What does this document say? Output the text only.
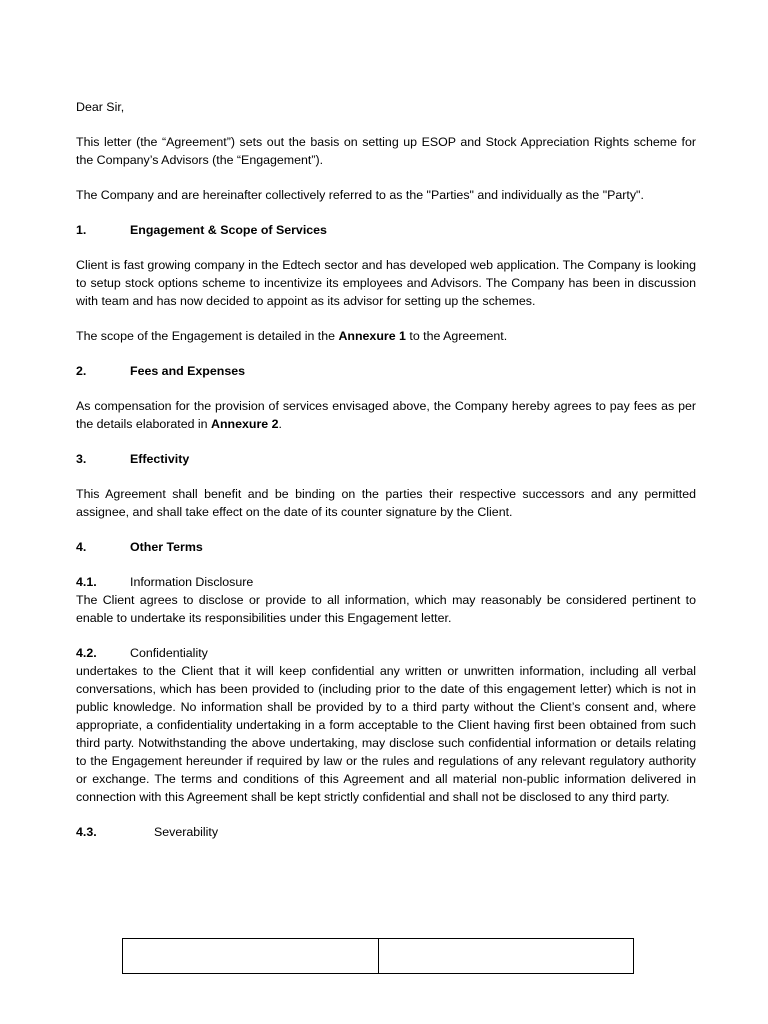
Dear Sir,

This letter (the “Agreement”) sets out the basis on setting up ESOP and Stock Appreciation Rights scheme for the Company’s Advisors (the “Engagement”).

The Company and are hereinafter collectively referred to as the "Parties" and individually as the "Party".

1.	Engagement & Scope of Services

Client is fast growing company in the Edtech sector and has developed web application. The Company is looking to setup stock options scheme to incentivize its employees and Advisors. The Company has been in discussion with team and has now decided to appoint as its advisor for setting up the schemes.

The scope of the Engagement is detailed in the Annexure 1 to the Agreement.

2.	Fees and Expenses

As compensation for the provision of services envisaged above, the Company hereby agrees to pay fees as per the details elaborated in Annexure 2.

3.	Effectivity

This Agreement shall benefit and be binding on the parties their respective successors and any permitted assignee, and shall take effect on the date of its counter signature by the Client.

4.	Other Terms
4.1.	Information Disclosure

The Client agrees to disclose or provide to all information, which may reasonably be considered pertinent to enable to undertake its responsibilities under this Engagement letter.

4.2.	Confidentiality

undertakes to the Client that it will keep confidential any written or unwritten information, including all verbal conversations, which has been provided to (including prior to the date of this engagement letter) which is not in public knowledge. No information shall be provided by to a third party without the Client’s consent and, where appropriate, a confidentiality undertaking in a form acceptable to the Client having first been obtained from such third party. Notwithstanding the above undertaking, may disclose such confidential information or details relating to the Engagement hereunder if required by law or the rules and regulations of any relevant regulatory authority or exchange. The terms and conditions of this Agreement and all material non-public information delivered in connection with this Agreement shall be kept strictly confidential and shall not be disclosed to any third party.

4.3.	Severability
